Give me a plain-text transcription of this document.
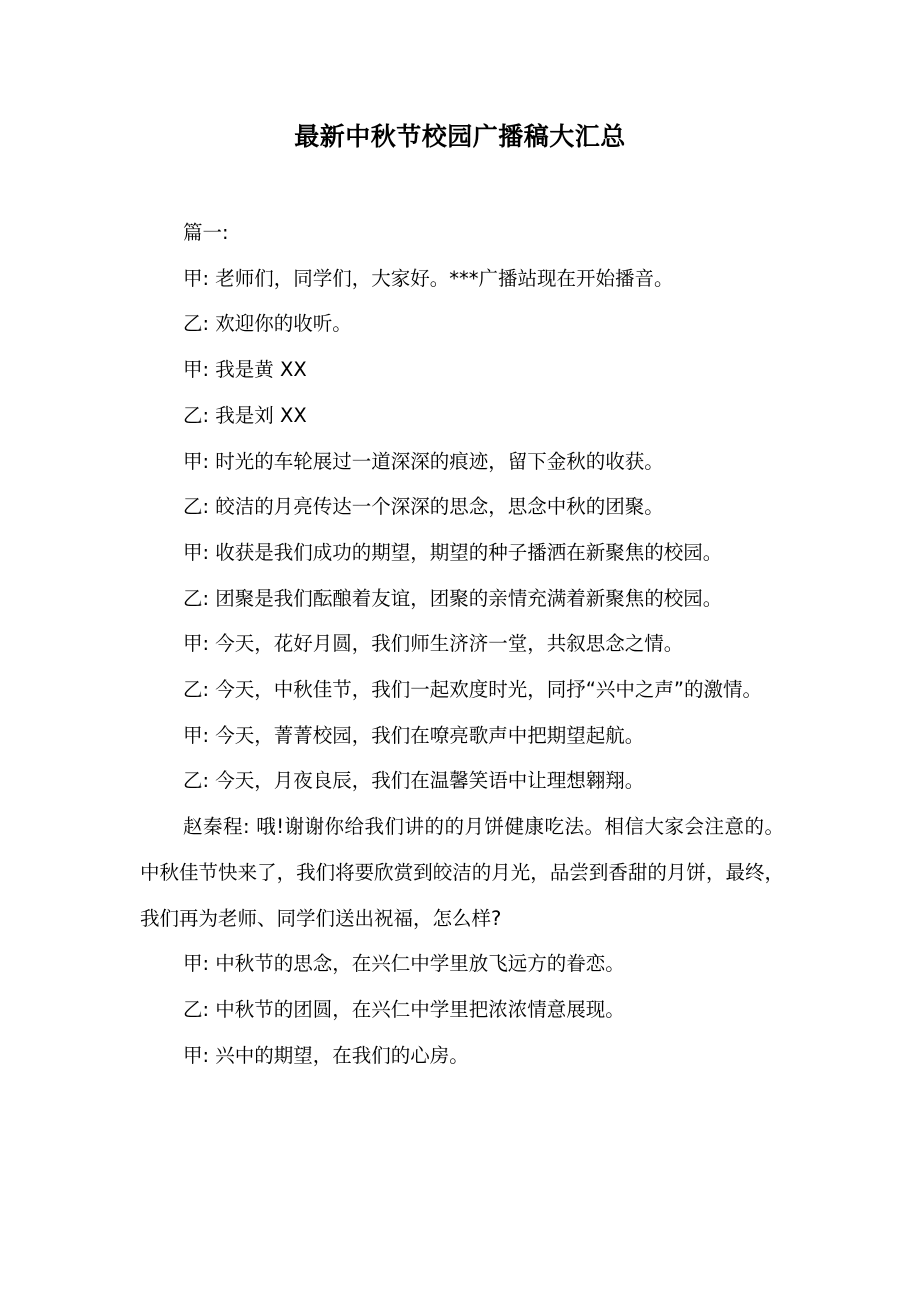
最新中秋节校园广播稿大汇总

篇一:

甲: 老师们，同学们，大家好。***广播站现在开始播音。

乙: 欢迎你的收听。

甲: 我是黄 XX

乙: 我是刘 XX

甲: 时光的车轮展过一道深深的痕迹，留下金秋的收获。

乙: 皎洁的月亮传达一个深深的思念，思念中秋的团聚。

甲: 收获是我们成功的期望，期望的种子播洒在新聚焦的校园。

乙: 团聚是我们酝酿着友谊，团聚的亲情充满着新聚焦的校园。

甲: 今天，花好月圆，我们师生济济一堂，共叙思念之情。

乙: 今天，中秋佳节，我们一起欢度时光，同抒“兴中之声”的激情。

甲: 今天，菁菁校园，我们在嘹亮歌声中把期望起航。

乙: 今天，月夜良辰，我们在温馨笑语中让理想翱翔。

赵秦程: 哦!谢谢你给我们讲的的月饼健康吃法。相信大家会注意的。中秋佳节快来了，我们将要欣赏到皎洁的月光，品尝到香甜的月饼，最终，我们再为老师、同学们送出祝福，怎么样?

甲: 中秋节的思念，在兴仁中学里放飞远方的眷恋。

乙: 中秋节的团圆，在兴仁中学里把浓浓情意展现。

甲: 兴中的期望，在我们的心房。
